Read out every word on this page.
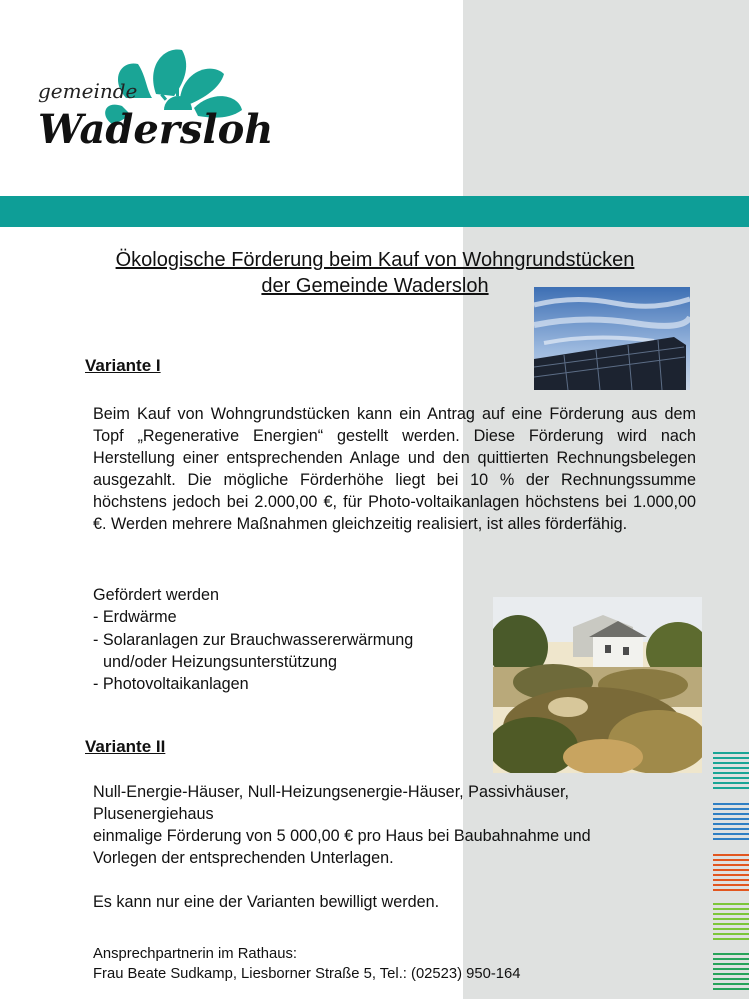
gemeinde
Wadersloh
Ökologische Förderung beim Kauf von Wohngrundstücken
der Gemeinde Wadersloh
Variante I
Beim Kauf von Wohngrundstücken kann ein Antrag auf eine Förderung aus dem Topf „Regenerative Energien“ gestellt werden. Diese Förderung wird nach Herstellung einer entsprechenden Anlage und den quittierten Rechnungsbelegen ausgezahlt. Die mögliche Förderhöhe liegt bei 10 % der Rechnungssumme höchstens jedoch bei 2.000,00 €, für Photo-voltaikanlagen höchstens bei 1.000,00 €. Werden mehrere Maßnahmen gleichzeitig realisiert, ist alles förderfähig.
Gefördert werden
- Erdwärme
- Solaranlagen zur Brauchwassererwärmung
und/oder Heizungsunterstützung
- Photovoltaikanlagen
Variante II
Null-Energie-Häuser, Null-Heizungsenergie-Häuser, Passivhäuser,
Plusenergiehaus
einmalige Förderung von 5 000,00 € pro Haus bei Baubahnahme und
Vorlegen der entsprechenden Unterlagen.
Es kann nur eine der Varianten bewilligt werden.
Ansprechpartnerin im Rathaus:
Frau Beate Sudkamp, Liesborner Straße 5, Tel.: (02523) 950-164
